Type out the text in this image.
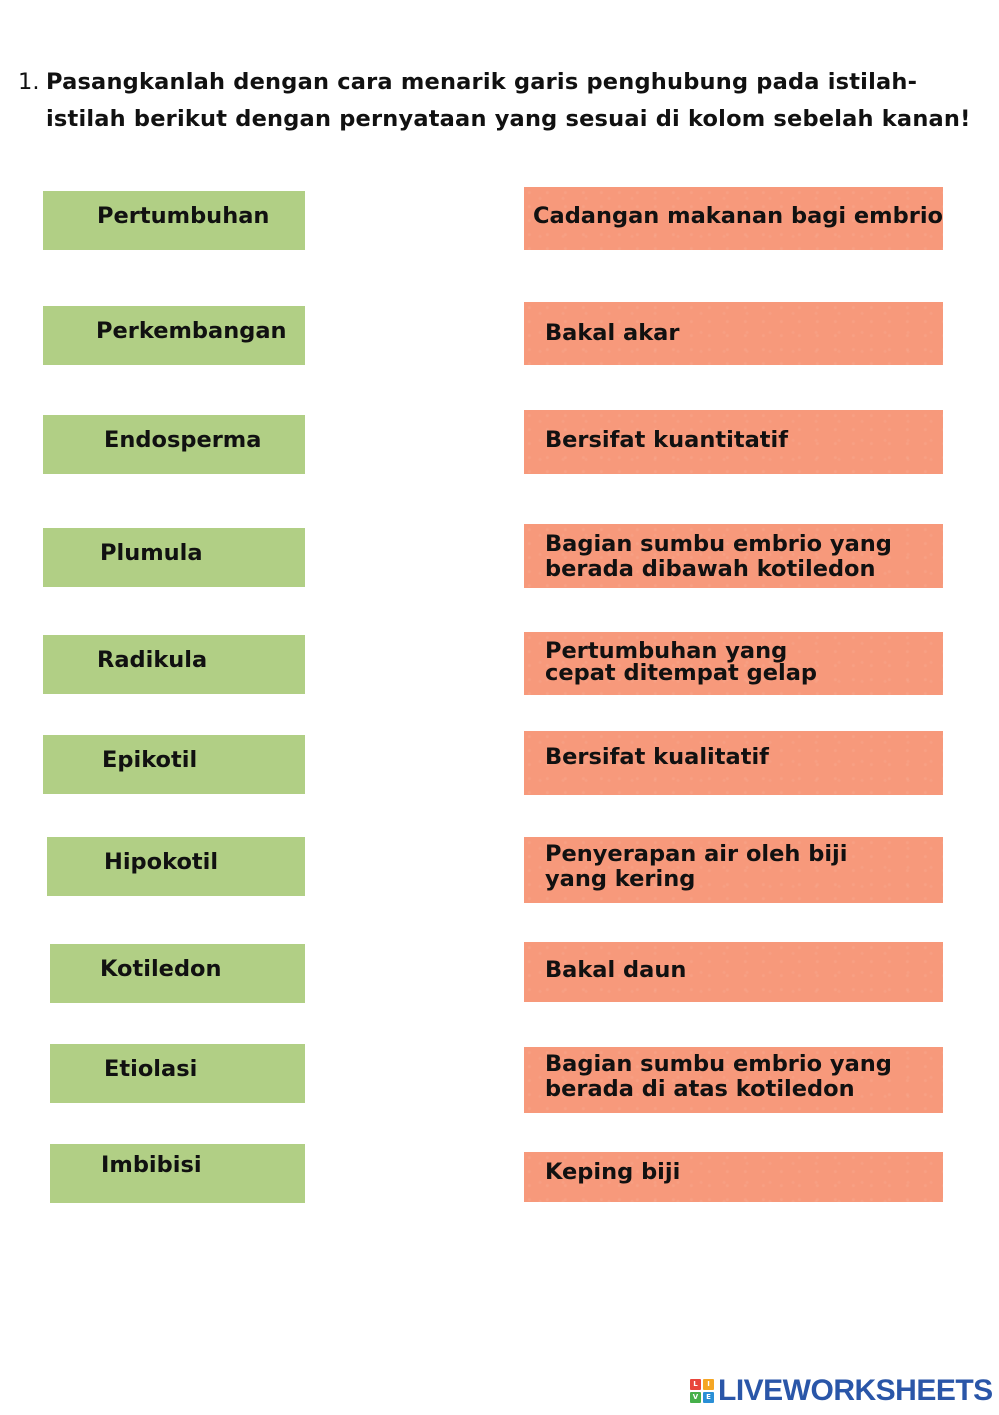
1. Pasangkanlah dengan cara menarik garis penghubung pada istilah-istilah berikut dengan pernyataan yang sesuai di kolom sebelah kanan!
Pertumbuhan
Perkembangan
Endosperma
Plumula
Radikula
Epikotil
Hipokotil
Kotiledon
Etiolasi
Imbibisi
Cadangan makanan bagi embrio
Bakal akar
Bersifat kuantitatif
Bagian sumbu embrio yang berada dibawah kotiledon
Pertumbuhan yang cepat ditempat gelap
Bersifat kualitatif
Penyerapan air oleh biji yang kering
Bakal daun
Bagian sumbu embrio yang berada di atas kotiledon
Keping biji
L	I
V	E LIVEWORKSHEETS
